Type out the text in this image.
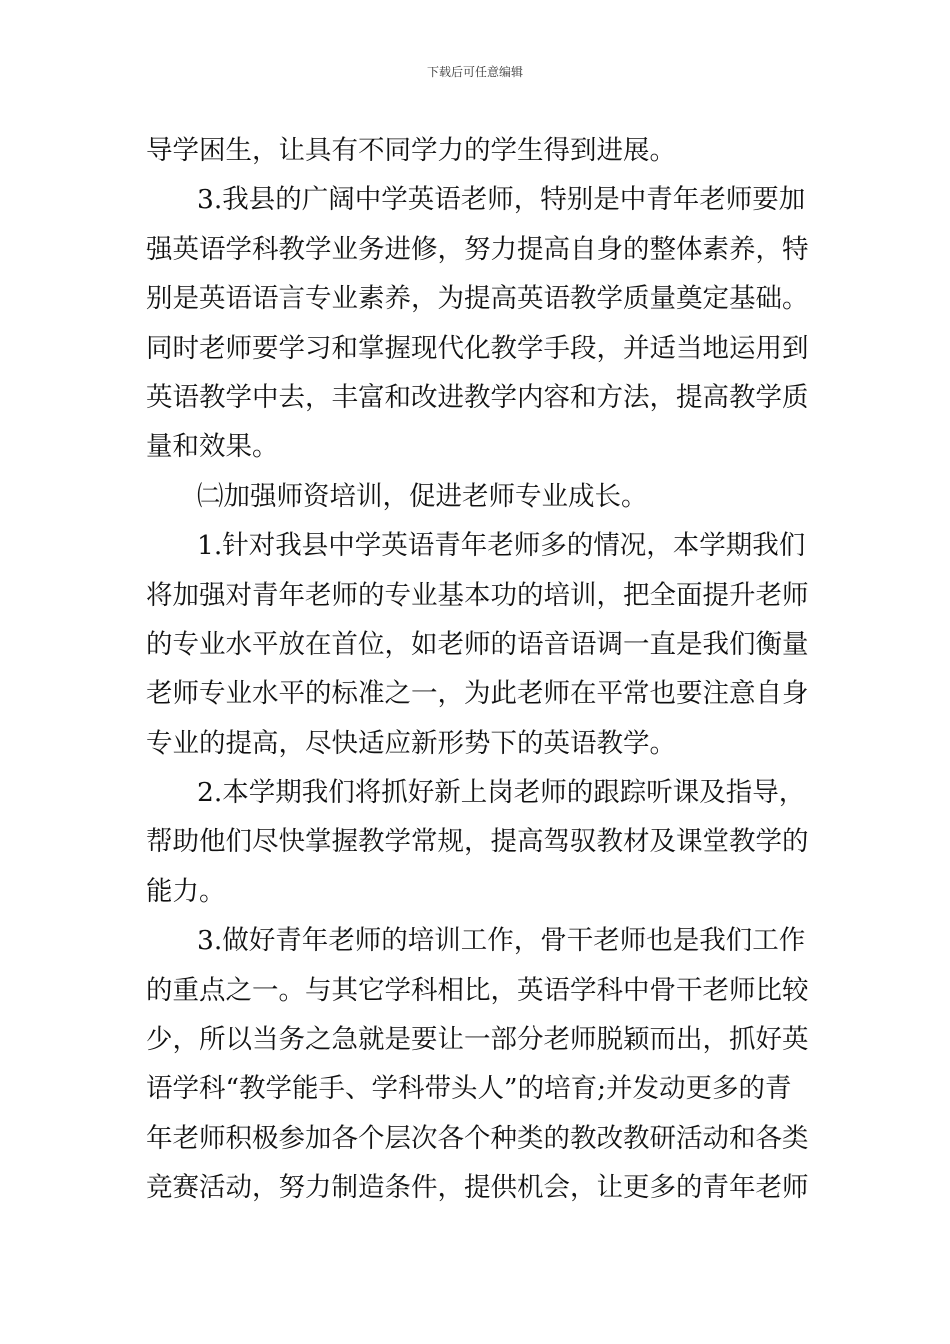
下载后可任意编辑
导学困生，让具有不同学力的学生得到进展。
3.我县的广阔中学英语老师，特别是中青年老师要加
强英语学科教学业务进修，努力提高自身的整体素养，特
别是英语语言专业素养，为提高英语教学质量奠定基础。
同时老师要学习和掌握现代化教学手段，并适当地运用到
英语教学中去，丰富和改进教学内容和方法，提高教学质
量和效果。
㈡加强师资培训，促进老师专业成长。
1.针对我县中学英语青年老师多的情况，本学期我们
将加强对青年老师的专业基本功的培训，把全面提升老师
的专业水平放在首位，如老师的语音语调一直是我们衡量
老师专业水平的标准之一，为此老师在平常也要注意自身
专业的提高，尽快适应新形势下的英语教学。
2.本学期我们将抓好新上岗老师的跟踪听课及指导，
帮助他们尽快掌握教学常规，提高驾驭教材及课堂教学的
能力。
3.做好青年老师的培训工作，骨干老师也是我们工作
的重点之一。与其它学科相比，英语学科中骨干老师比较
少，所以当务之急就是要让一部分老师脱颖而出，抓好英
语学科“教学能手、学科带头人”的培育;并发动更多的青
年老师积极参加各个层次各个种类的教改教研活动和各类
竞赛活动，努力制造条件，提供机会，让更多的青年老师
